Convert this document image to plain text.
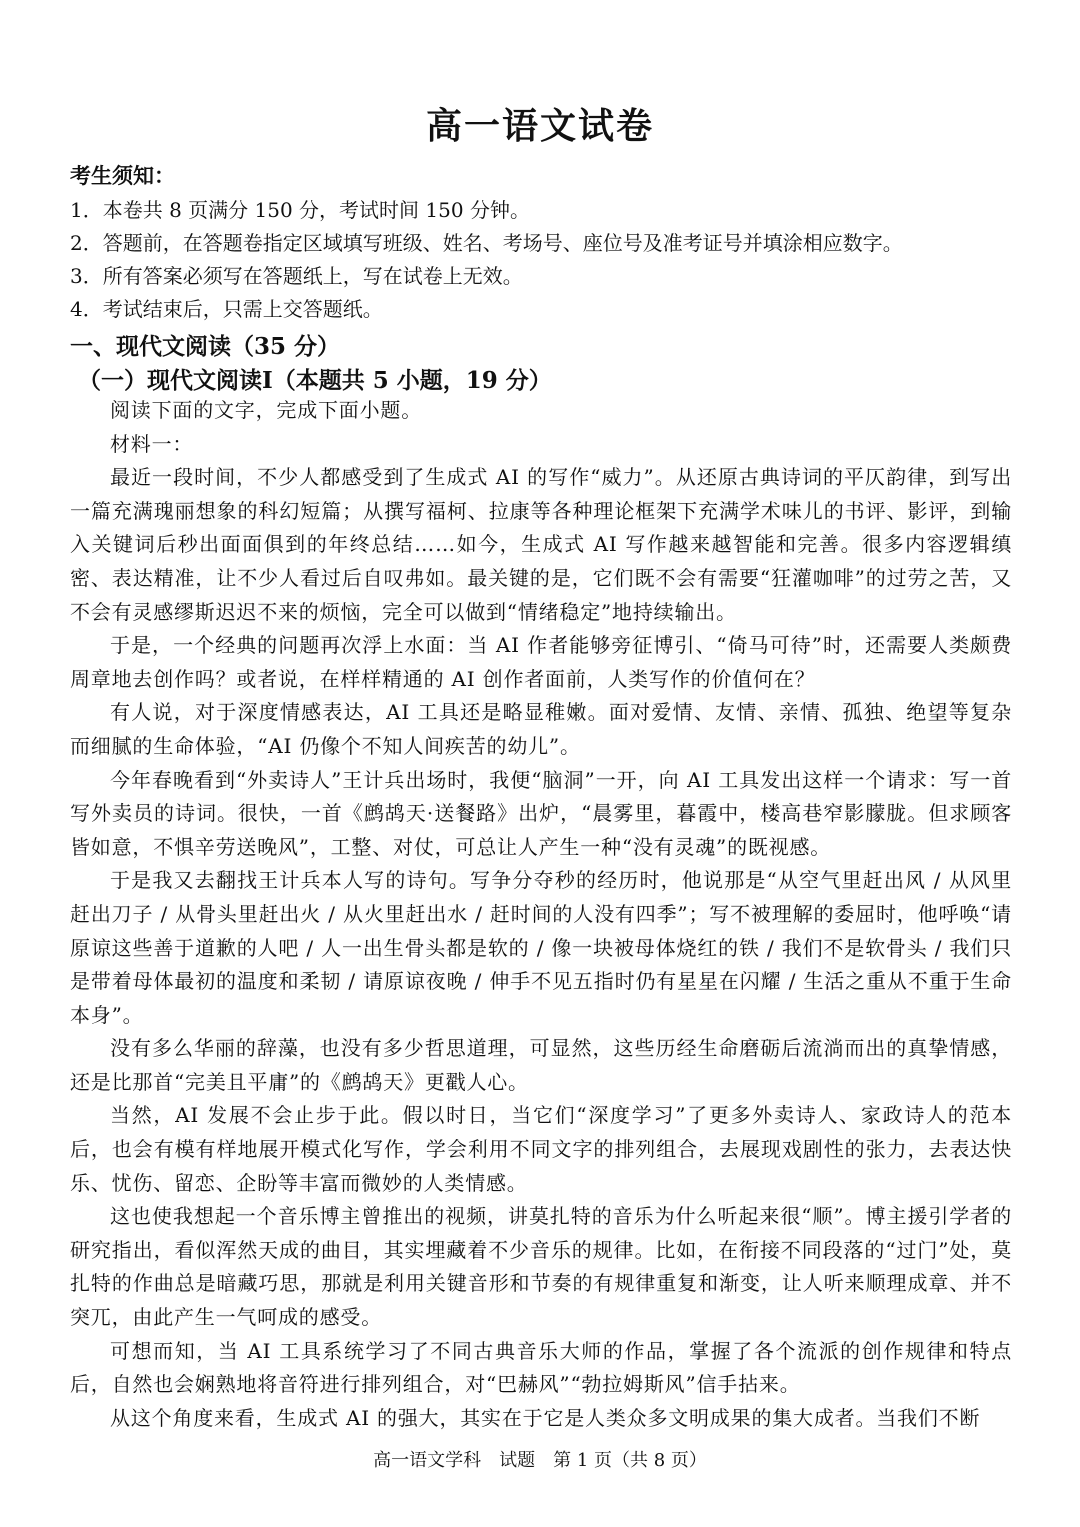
高一语文试卷
考生须知：
1．本卷共 8 页满分 150 分，考试时间 150 分钟。
2．答题前，在答题卷指定区域填写班级、姓名、考场号、座位号及准考证号并填涂相应数字。
3．所有答案必须写在答题纸上，写在试卷上无效。
4．考试结束后，只需上交答题纸。
一、现代文阅读（35 分）
（一）现代文阅读Ⅰ（本题共 5 小题，19 分）

阅读下面的文字，完成下面小题。

材料一：

最近一段时间，不少人都感受到了生成式 AI 的写作“威力”。从还原古典诗词的平仄韵律，到写出一篇充满瑰丽想象的科幻短篇；从撰写福柯、拉康等各种理论框架下充满学术味儿的书评、影评，到输入关键词后秒出面面俱到的年终总结……如今，生成式 AI 写作越来越智能和完善。很多内容逻辑缜密、表达精准，让不少人看过后自叹弗如。最关键的是，它们既不会有需要“狂灌咖啡”的过劳之苦，又不会有灵感缪斯迟迟不来的烦恼，完全可以做到“情绪稳定”地持续输出。

于是，一个经典的问题再次浮上水面：当 AI 作者能够旁征博引、“倚马可待”时，还需要人类颇费周章地去创作吗？或者说，在样样精通的 AI 创作者面前，人类写作的价值何在？

有人说，对于深度情感表达，AI 工具还是略显稚嫩。面对爱情、友情、亲情、孤独、绝望等复杂而细腻的生命体验，“AI 仍像个不知人间疾苦的幼儿”。

今年春晚看到“外卖诗人”王计兵出场时，我便“脑洞”一开，向 AI 工具发出这样一个请求：写一首写外卖员的诗词。很快，一首《鹧鸪天·送餐路》出炉，“晨雾里，暮霞中，楼高巷窄影朦胧。但求顾客皆如意，不惧辛劳送晚风”，工整、对仗，可总让人产生一种“没有灵魂”的既视感。

于是我又去翻找王计兵本人写的诗句。写争分夺秒的经历时，他说那是“从空气里赶出风 / 从风里赶出刀子 / 从骨头里赶出火 / 从火里赶出水 / 赶时间的人没有四季”；写不被理解的委屈时，他呼唤“请原谅这些善于道歉的人吧 / 人一出生骨头都是软的 / 像一块被母体烧红的铁 / 我们不是软骨头 / 我们只是带着母体最初的温度和柔韧 / 请原谅夜晚 / 伸手不见五指时仍有星星在闪耀 / 生活之重从不重于生命本身”。

没有多么华丽的辞藻，也没有多少哲思道理，可显然，这些历经生命磨砺后流淌而出的真挚情感，还是比那首“完美且平庸”的《鹧鸪天》更戳人心。

当然，AI 发展不会止步于此。假以时日，当它们“深度学习”了更多外卖诗人、家政诗人的范本后，也会有模有样地展开模式化写作，学会利用不同文字的排列组合，去展现戏剧性的张力，去表达快乐、忧伤、留恋、企盼等丰富而微妙的人类情感。

这也使我想起一个音乐博主曾推出的视频，讲莫扎特的音乐为什么听起来很“顺”。博主援引学者的研究指出，看似浑然天成的曲目，其实埋藏着不少音乐的规律。比如，在衔接不同段落的“过门”处，莫扎特的作曲总是暗藏巧思，那就是利用关键音形和节奏的有规律重复和渐变，让人听来顺理成章、并不突兀，由此产生一气呵成的感受。

可想而知，当 AI 工具系统学习了不同古典音乐大师的作品，掌握了各个流派的创作规律和特点后，自然也会娴熟地将音符进行排列组合，对“巴赫风”“勃拉姆斯风”信手拈来。

从这个角度来看，生成式 AI 的强大，其实在于它是人类众多文明成果的集大成者。当我们不断

高一语文学科　试题　第 1 页（共 8 页）
